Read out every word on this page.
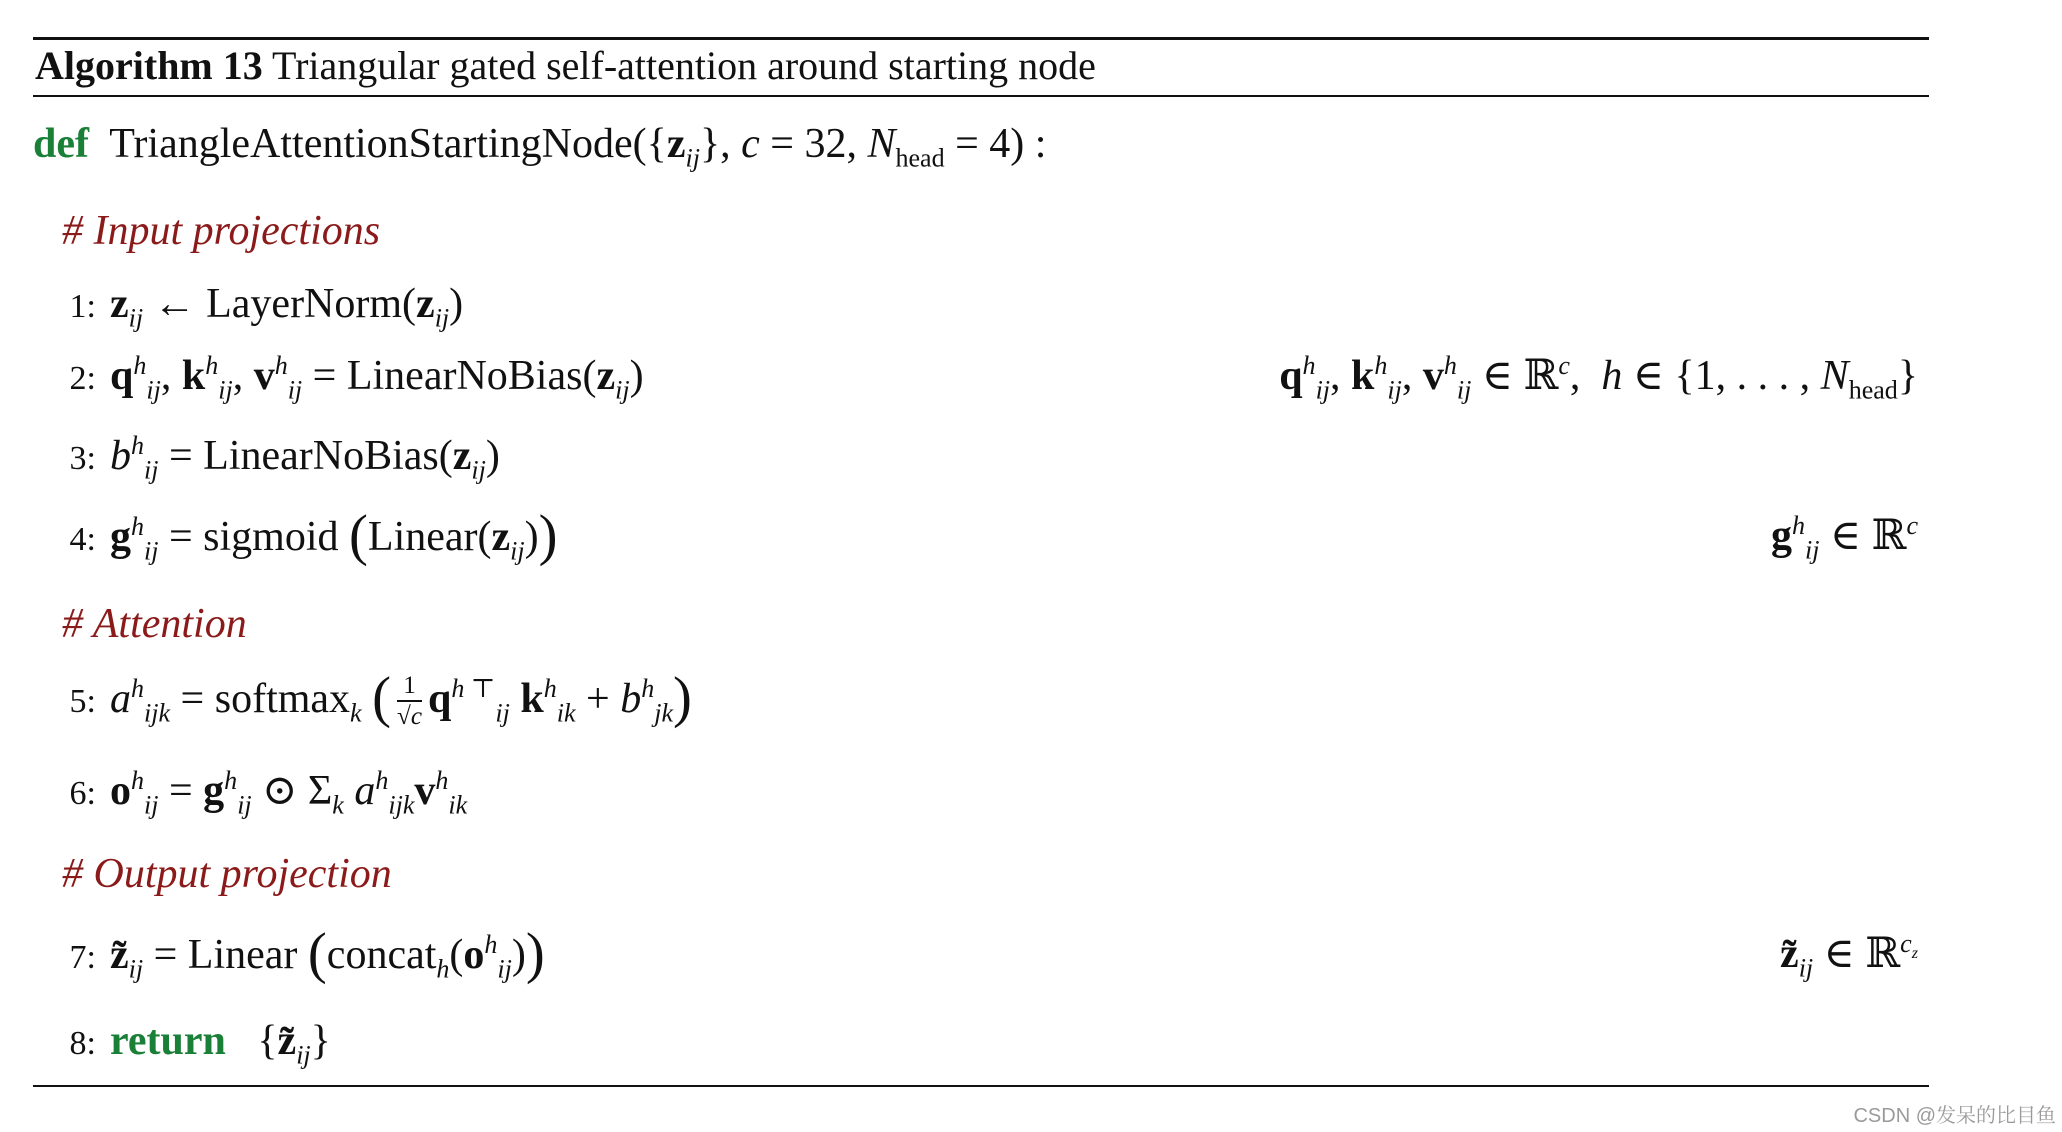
Algorithm 13 Triangular gated self-attention around starting node
def $TriangleAttentionStartingNode(\{z_{ij}\}$, c = 32, $N_{head} = 4$) :
# Input projections
1: $z_{ij}$ ← $LayerNorm(z_{ij})$
2: $q^h_{ij}$, $k^h_{ij}$, $v^h_{ij}$ = $LinearNoBias(z_{ij})$	$q^h_{ij}$, $k^h_{ij}$, $v^h_{ij}$ ∈ ℝ$^c$,  h ∈ {1, . . . , $N_{head}$}
3: $b^h_{ij}$ = $LinearNoBias(z_{ij})$
4: $g^h_{ij}$ = sigmoid $(Linear(z_{ij}))$	$g^h_{ij}$ ∈ ℝ$^c$
# Attention
5: $a^h_{ijk}$ = softmax$_k$ ( $\frac{1}{√c} q^{h ⊤}_{ij}$ $k^h_{ik} + b^h_{jk}$)
6: $o^h_{ij} = g^h_{ij}$ ⊙ $\Sigma_k$ $a^h_{ijk}v^h_{ik}$
# Output projection
7: $z̃_{ij}$ = Linear $(concat_h(o^h_{ij}))$	$z̃_{ij}$ ∈ ℝ$^{c_z}$
8: return   $\{z̃_{ij}\}$
CSDN @发呆的比目鱼
